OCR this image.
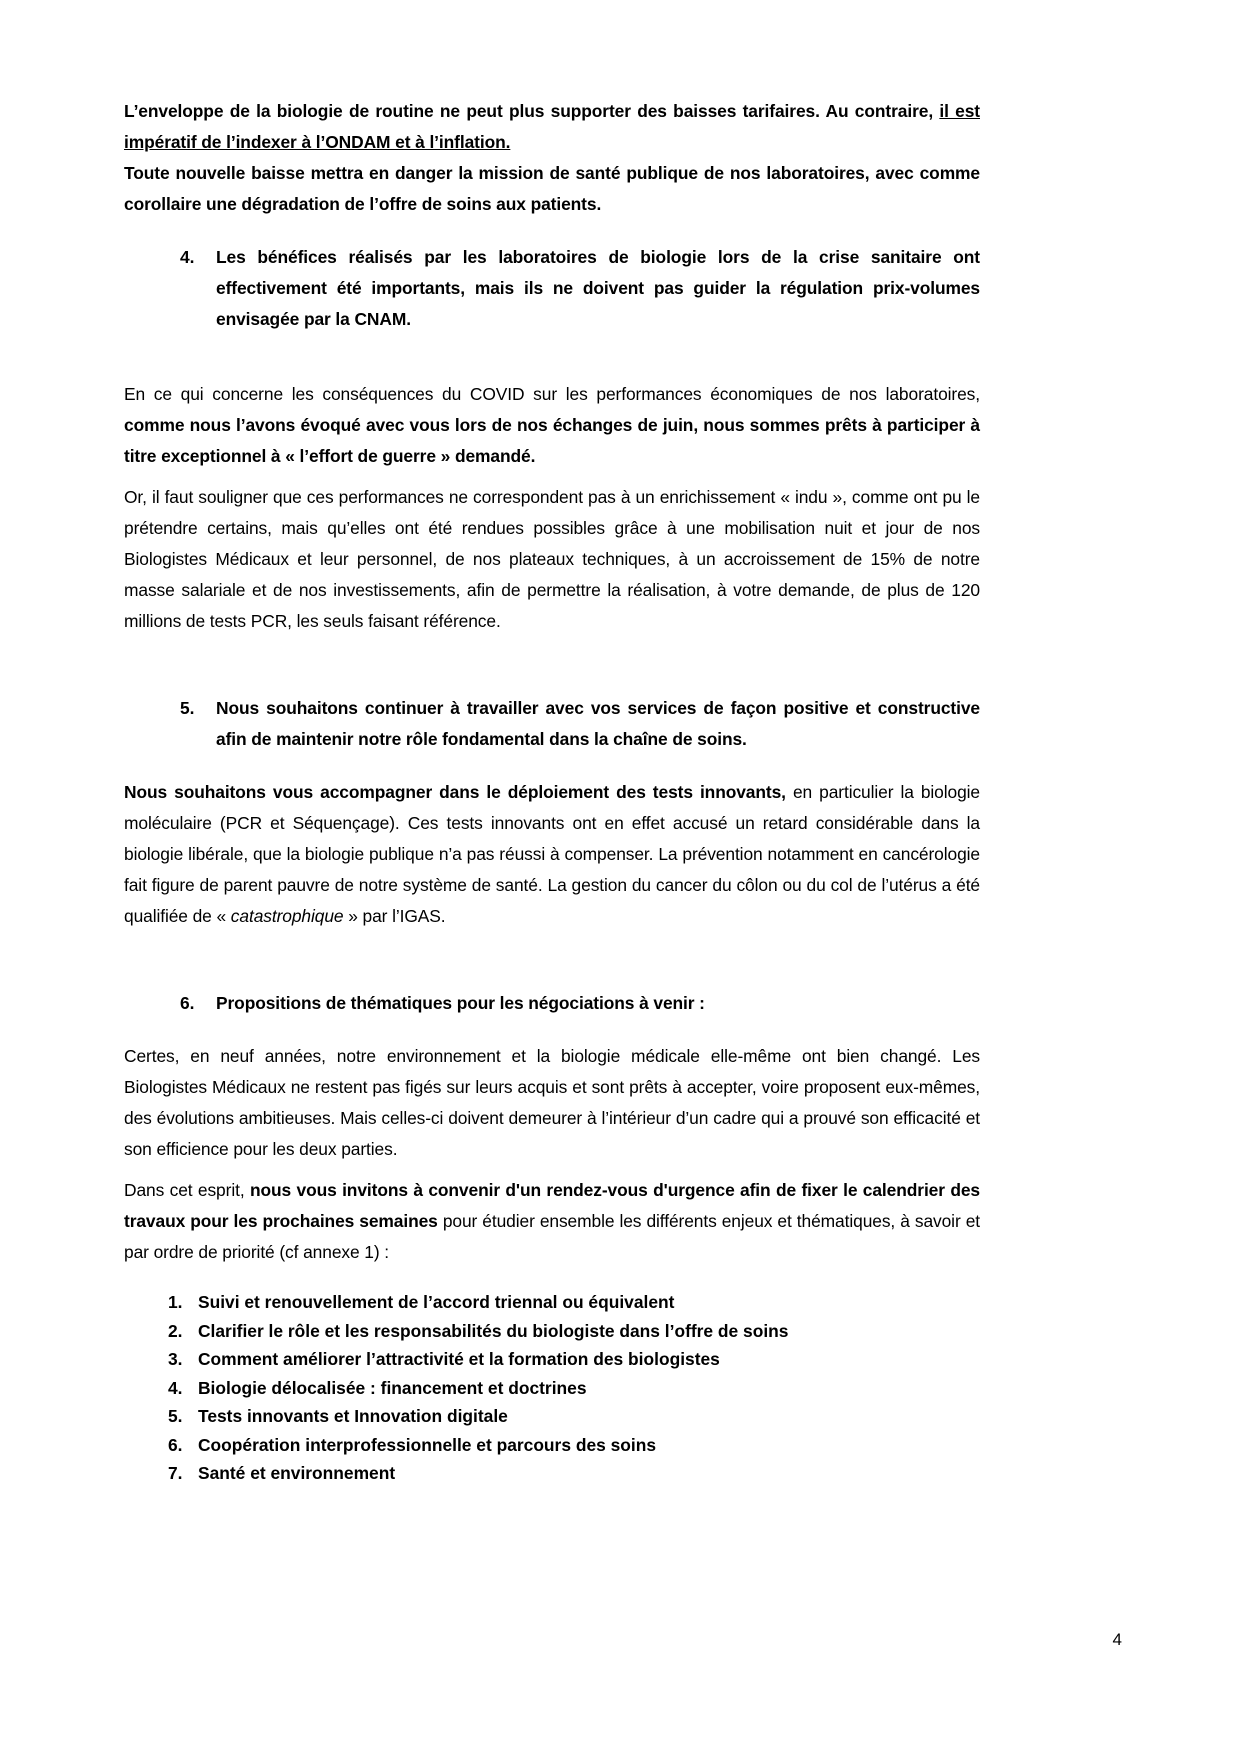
L’enveloppe de la biologie de routine ne peut plus supporter des baisses tarifaires. Au contraire, il est impératif de l’indexer à l’ONDAM et à l’inflation.
Toute nouvelle baisse mettra en danger la mission de santé publique de nos laboratoires, avec comme corollaire une dégradation de l’offre de soins aux patients.
4.	Les bénéfices réalisés par les laboratoires de biologie lors de la crise sanitaire ont effectivement été importants, mais ils ne doivent pas guider la régulation prix-volumes envisagée par la CNAM.
En ce qui concerne les conséquences du COVID sur les performances économiques de nos laboratoires, comme nous l’avons évoqué avec vous lors de nos échanges de juin, nous sommes prêts à participer à titre exceptionnel à « l’effort de guerre » demandé.
Or, il faut souligner que ces performances ne correspondent pas à un enrichissement « indu », comme ont pu le prétendre certains, mais qu’elles ont été rendues possibles grâce à une mobilisation nuit et jour de nos Biologistes Médicaux et leur personnel, de nos plateaux techniques, à un accroissement de 15% de notre masse salariale et de nos investissements, afin de permettre la réalisation, à votre demande, de plus de 120 millions de tests PCR, les seuls faisant référence.
5.	Nous souhaitons continuer à travailler avec vos services de façon positive et constructive afin de maintenir notre rôle fondamental dans la chaîne de soins.
Nous souhaitons vous accompagner dans le déploiement des tests innovants, en particulier la biologie moléculaire (PCR et Séquençage). Ces tests innovants ont en effet accusé un retard considérable dans la biologie libérale, que la biologie publique n’a pas réussi à compenser. La prévention notamment en cancérologie fait figure de parent pauvre de notre système de santé. La gestion du cancer du côlon ou du col de l’utérus a été qualifiée de « catastrophique » par l’IGAS.
6.	Propositions de thématiques pour les négociations à venir :
Certes, en neuf années, notre environnement et la biologie médicale elle-même ont bien changé. Les Biologistes Médicaux ne restent pas figés sur leurs acquis et sont prêts à accepter, voire proposent eux-mêmes, des évolutions ambitieuses. Mais celles-ci doivent demeurer à l’intérieur d’un cadre qui a prouvé son efficacité et son efficience pour les deux parties.
Dans cet esprit, nous vous invitons à convenir d'un rendez-vous d'urgence afin de fixer le calendrier des travaux pour les prochaines semaines pour étudier ensemble les différents enjeux et thématiques, à savoir et par ordre de priorité (cf annexe 1) :
1. Suivi et renouvellement de l’accord triennal ou équivalent
2. Clarifier le rôle et les responsabilités du biologiste dans l’offre de soins
3. Comment améliorer l’attractivité et la formation des biologistes
4. Biologie délocalisée : financement et doctrines
5. Tests innovants et Innovation digitale
6. Coopération interprofessionnelle et parcours des soins
7. Santé et environnement
4
